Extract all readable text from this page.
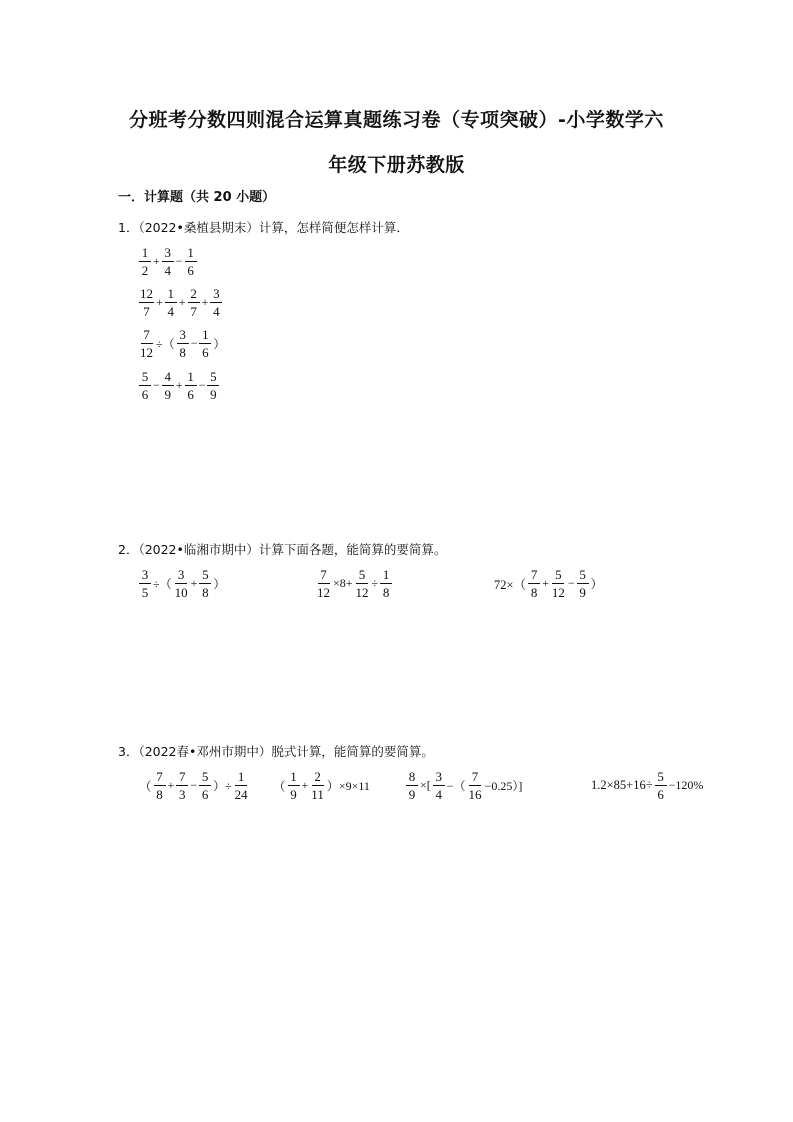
分班考分数四则混合运算真题练习卷（专项突破）-小学数学六
年级下册苏教版
一．计算题（共 20 小题）
1．（2022•桑植县期末）计算，怎样简便怎样计算．
$\frac{1}{2} + \frac{3}{4} - \frac{1}{6}$
$\frac{12}{7} + \frac{1}{4} + \frac{2}{7} + \frac{3}{4}$
$\frac{7}{12}$ ÷（ $\frac{3}{8} - \frac{1}{6}$ ）
$\frac{5}{6} - \frac{4}{9} + \frac{1}{6} - \frac{5}{9}$
2．（2022•临湘市期中）计算下面各题，能简算的要简算。
$\frac{3}{5}$ ÷（ $\frac{3}{10} + \frac{5}{8}$ ）	$\frac{7}{12} \times 8+ \frac{5}{12} \div \frac{1}{8}$	$72\times( \frac{7}{8} + \frac{5}{12} - \frac{5}{9}$ ）
3．（2022春•邓州市期中）脱式计算，能简算的要简算。
（ $\frac{7}{8} + \frac{7}{3} - \frac{5}{6}$ ）÷ $\frac{1}{24}$ （ $\frac{1}{9} + \frac{2}{11} )\times 9\times 11$	$\frac{8}{9}$ ×[ $\frac{3}{4}$ −（ $\frac{7}{16} -0.25$）]	$1.2\times 85+16\div \frac{5}{6} -120\%$
